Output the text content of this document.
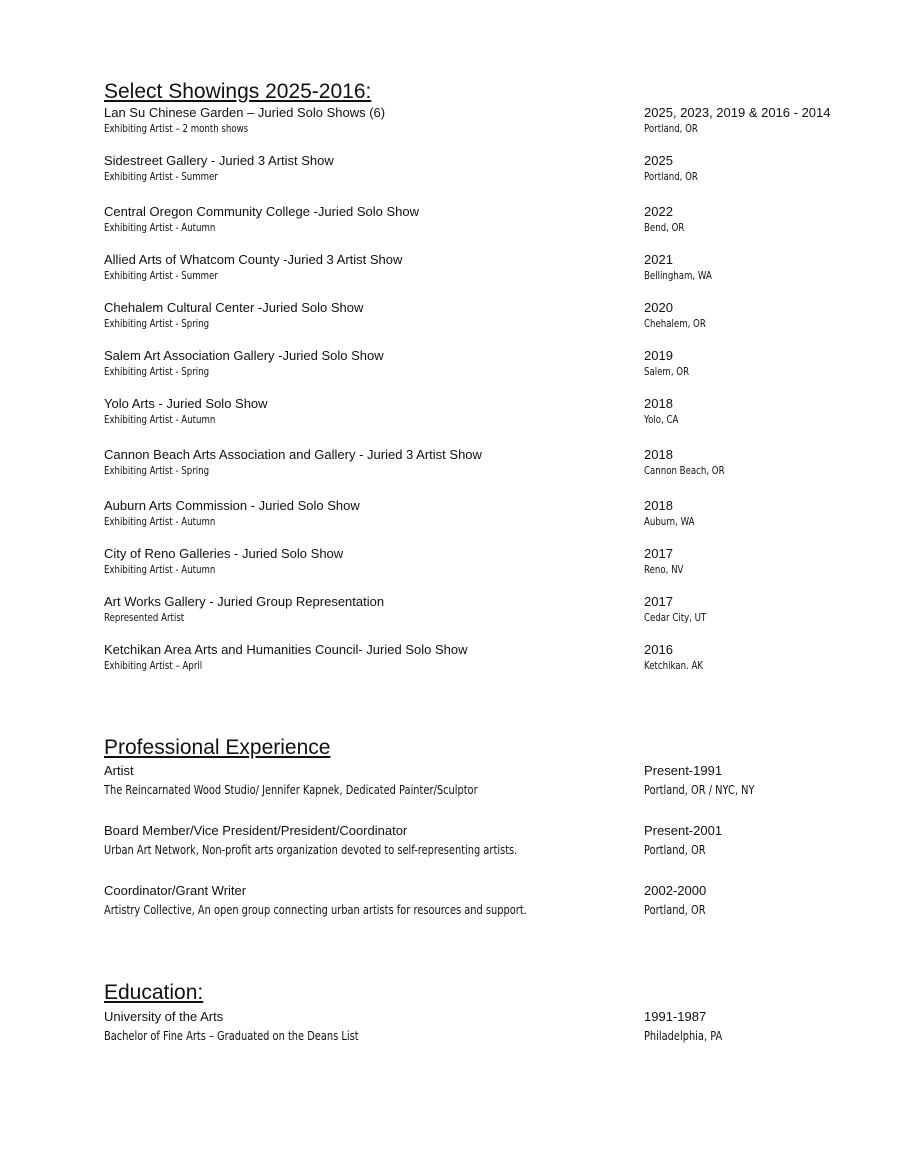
Select Showings 2025-2016:
Lan Su Chinese Garden – Juried Solo Shows (6)	2025, 2023, 2019 & 2016 - 2014
Exhibiting Artist – 2 month shows	Portland, OR
Sidestreet Gallery - Juried 3 Artist Show	2025
Exhibiting Artist - Summer	Portland, OR
Central Oregon Community College -Juried Solo Show	2022
Exhibiting Artist - Autumn	Bend, OR
Allied Arts of Whatcom County -Juried 3 Artist Show	2021
Exhibiting Artist - Summer	Bellingham, WA
Chehalem Cultural Center -Juried Solo Show	2020
Exhibiting Artist - Spring	Chehalem, OR
Salem Art Association Gallery -Juried Solo Show	2019
Exhibiting Artist - Spring	Salem, OR
Yolo Arts - Juried Solo Show	2018
Exhibiting Artist - Autumn	Yolo, CA
Cannon Beach Arts Association and Gallery - Juried 3 Artist Show	2018
Exhibiting Artist - Spring	Cannon Beach, OR
Auburn Arts Commission - Juried Solo Show	2018
Exhibiting Artist - Autumn	Auburn, WA
City of Reno Galleries - Juried Solo Show	2017
Exhibiting Artist - Autumn	Reno, NV
Art Works Gallery - Juried Group Representation	2017
Represented Artist	Cedar City, UT
Ketchikan Area Arts and Humanities Council- Juried Solo Show	2016
Exhibiting Artist – April	Ketchikan. AK
Professional Experience
Artist	Present-1991
The Reincarnated Wood Studio/ Jennifer Kapnek, Dedicated Painter/Sculptor	Portland, OR / NYC, NY
Board Member/Vice President/President/Coordinator	Present-2001
Urban Art Network, Non-profit arts organization devoted to self-representing artists.	Portland, OR
Coordinator/Grant Writer	2002-2000
Artistry Collective, An open group connecting urban artists for resources and support.	Portland, OR
Education:
University of the Arts	1991-1987
Bachelor of Fine Arts – Graduated on the Deans List	Philadelphia, PA
